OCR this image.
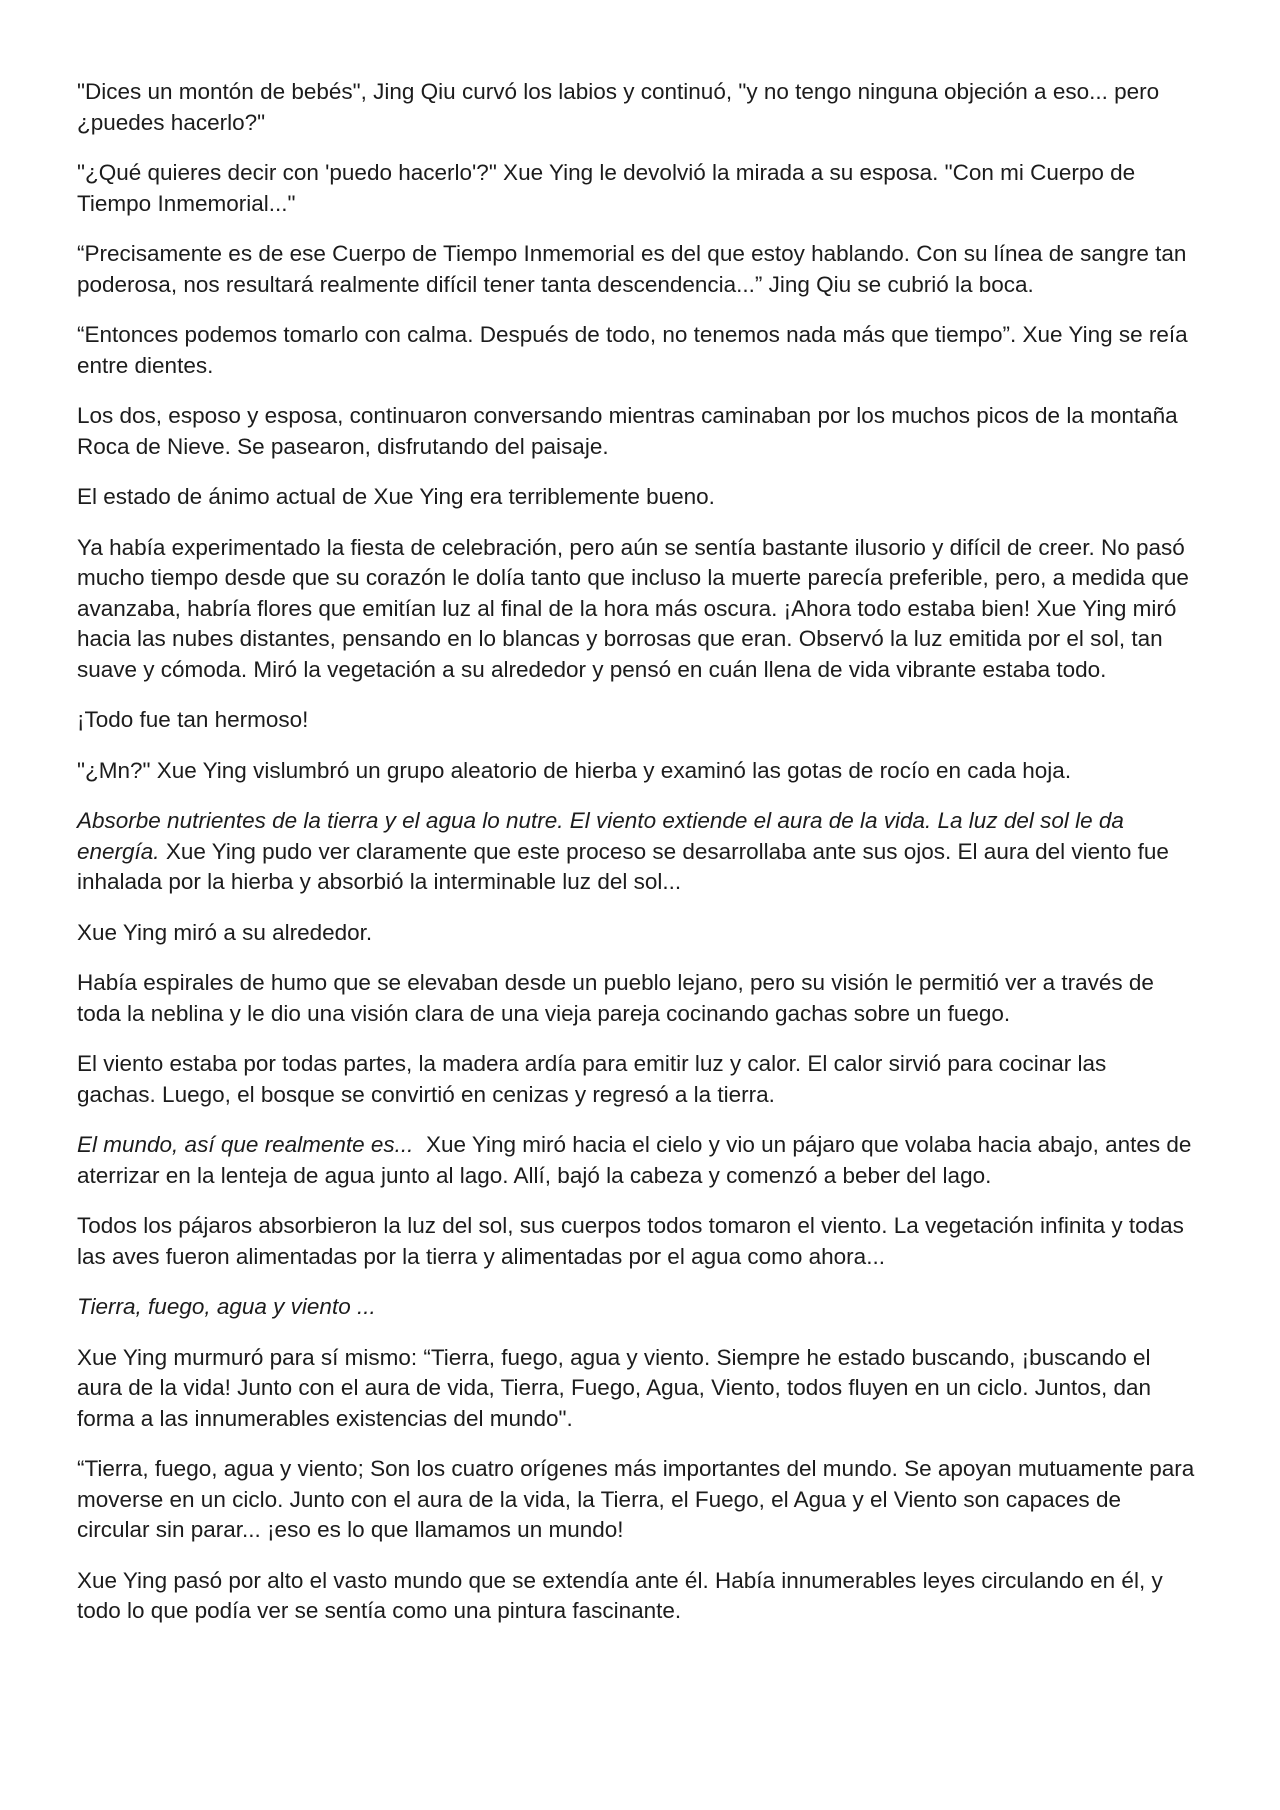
"Dices un montón de bebés", Jing Qiu curvó los labios y continuó, "y no tengo ninguna objeción a eso... pero
¿puedes hacerlo?"

"¿Qué quieres decir con 'puedo hacerlo'?" Xue Ying le devolvió la mirada a su esposa. "Con mi Cuerpo de
Tiempo Inmemorial..."

“Precisamente es de ese Cuerpo de Tiempo Inmemorial es del que estoy hablando. Con su línea de sangre tan
poderosa, nos resultará realmente difícil tener tanta descendencia...” Jing Qiu se cubrió la boca.

“Entonces podemos tomarlo con calma. Después de todo, no tenemos nada más que tiempo”. Xue Ying se reía
entre dientes.

Los dos, esposo y esposa, continuaron conversando mientras caminaban por los muchos picos de la montaña
Roca de Nieve. Se pasearon, disfrutando del paisaje.

El estado de ánimo actual de Xue Ying era terriblemente bueno.

Ya había experimentado la fiesta de celebración, pero aún se sentía bastante ilusorio y difícil de creer. No pasó
mucho tiempo desde que su corazón le dolía tanto que incluso la muerte parecía preferible, pero, a medida que
avanzaba, habría flores que emitían luz al final de la hora más oscura. ¡Ahora todo estaba bien! Xue Ying miró
hacia las nubes distantes, pensando en lo blancas y borrosas que eran. Observó la luz emitida por el sol, tan
suave y cómoda. Miró la vegetación a su alrededor y pensó en cuán llena de vida vibrante estaba todo.

¡Todo fue tan hermoso!

"¿Mn?" Xue Ying vislumbró un grupo aleatorio de hierba y examinó las gotas de rocío en cada hoja.

Absorbe nutrientes de la tierra y el agua lo nutre. El viento extiende el aura de la vida. La luz del sol le da
energía. Xue Ying pudo ver claramente que este proceso se desarrollaba ante sus ojos. El aura del viento fue
inhalada por la hierba y absorbió la interminable luz del sol...

Xue Ying miró a su alrededor.

Había espirales de humo que se elevaban desde un pueblo lejano, pero su visión le permitió ver a través de
toda la neblina y le dio una visión clara de una vieja pareja cocinando gachas sobre un fuego.

El viento estaba por todas partes, la madera ardía para emitir luz y calor. El calor sirvió para cocinar las
gachas. Luego, el bosque se convirtió en cenizas y regresó a la tierra.

El mundo, así que realmente es...  Xue Ying miró hacia el cielo y vio un pájaro que volaba hacia abajo, antes de
aterrizar en la lenteja de agua junto al lago. Allí, bajó la cabeza y comenzó a beber del lago.

Todos los pájaros absorbieron la luz del sol, sus cuerpos todos tomaron el viento. La vegetación infinita y todas
las aves fueron alimentadas por la tierra y alimentadas por el agua como ahora...

Tierra, fuego, agua y viento ...

Xue Ying murmuró para sí mismo: “Tierra, fuego, agua y viento. Siempre he estado buscando, ¡buscando el
aura de la vida! Junto con el aura de vida, Tierra, Fuego, Agua, Viento, todos fluyen en un ciclo. Juntos, dan
forma a las innumerables existencias del mundo".

“Tierra, fuego, agua y viento; Son los cuatro orígenes más importantes del mundo. Se apoyan mutuamente para
moverse en un ciclo. Junto con el aura de la vida, la Tierra, el Fuego, el Agua y el Viento son capaces de
circular sin parar... ¡eso es lo que llamamos un mundo!

Xue Ying pasó por alto el vasto mundo que se extendía ante él. Había innumerables leyes circulando en él, y
todo lo que podía ver se sentía como una pintura fascinante.
